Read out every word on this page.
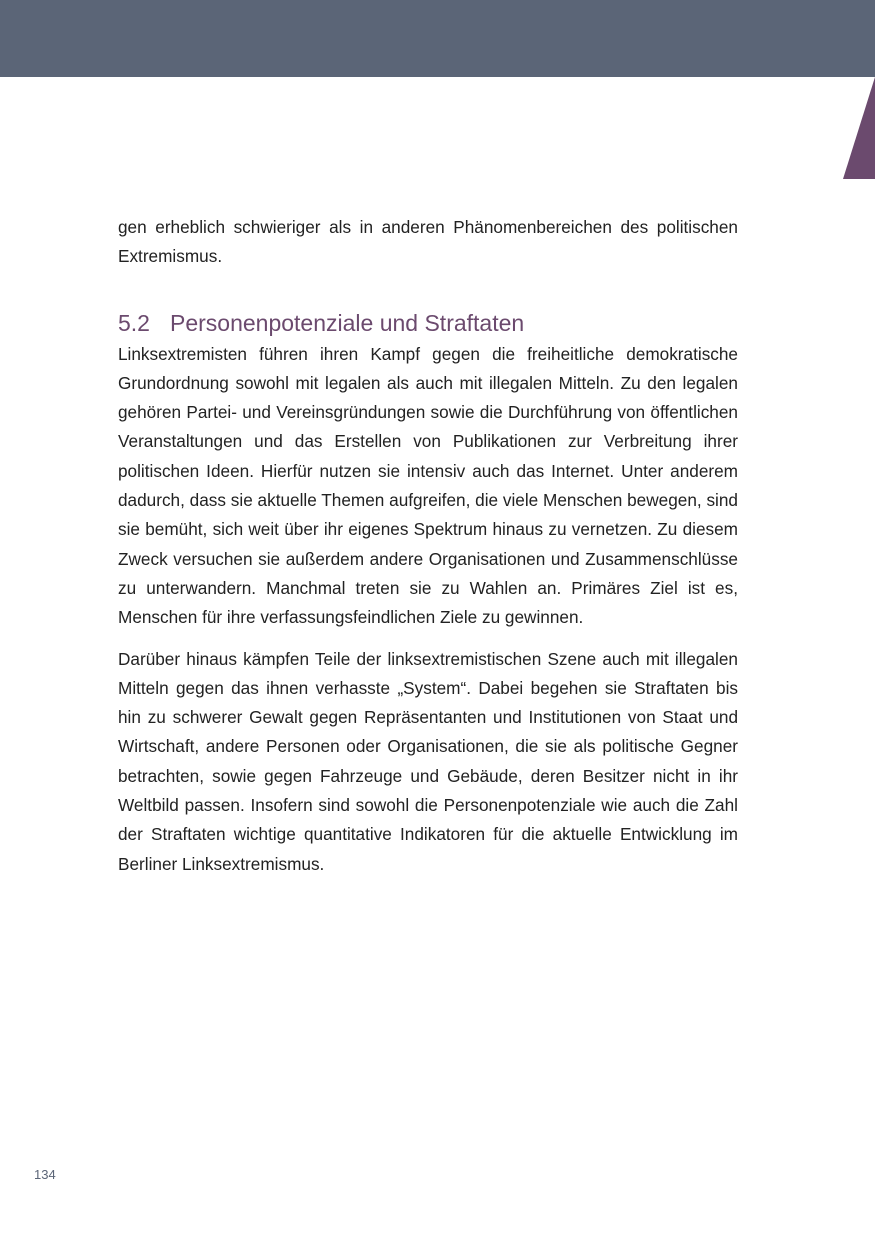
gen erheblich schwieriger als in anderen Phänomenbereichen des politischen Extremismus.

5.2 Personenpotenziale und Straftaten

Linksextremisten führen ihren Kampf gegen die freiheitliche demokratische Grundordnung sowohl mit legalen als auch mit illegalen Mitteln. Zu den legalen gehören Partei- und Vereinsgründungen sowie die Durchführung von öffentlichen Veranstaltungen und das Erstellen von Publikationen zur Verbreitung ihrer politischen Ideen. Hierfür nutzen sie intensiv auch das Internet. Unter anderem dadurch, dass sie aktuelle Themen aufgreifen, die viele Menschen bewegen, sind sie bemüht, sich weit über ihr eigenes Spektrum hinaus zu vernetzen. Zu diesem Zweck versuchen sie außerdem andere Organisationen und Zusammenschlüsse zu unterwandern. Manchmal treten sie zu Wahlen an. Primäres Ziel ist es, Menschen für ihre verfassungsfeindlichen Ziele zu gewinnen.

Darüber hinaus kämpfen Teile der linksextremistischen Szene auch mit illegalen Mitteln gegen das ihnen verhasste „System“. Dabei begehen sie Straftaten bis hin zu schwerer Gewalt gegen Repräsentanten und Institutionen von Staat und Wirtschaft, andere Personen oder Organisationen, die sie als politische Gegner betrachten, sowie gegen Fahrzeuge und Gebäude, deren Besitzer nicht in ihr Weltbild passen. Insofern sind sowohl die Personenpotenziale wie auch die Zahl der Straftaten wichtige quantitative Indikatoren für die aktuelle Entwicklung im Berliner Linksextremismus.

134
